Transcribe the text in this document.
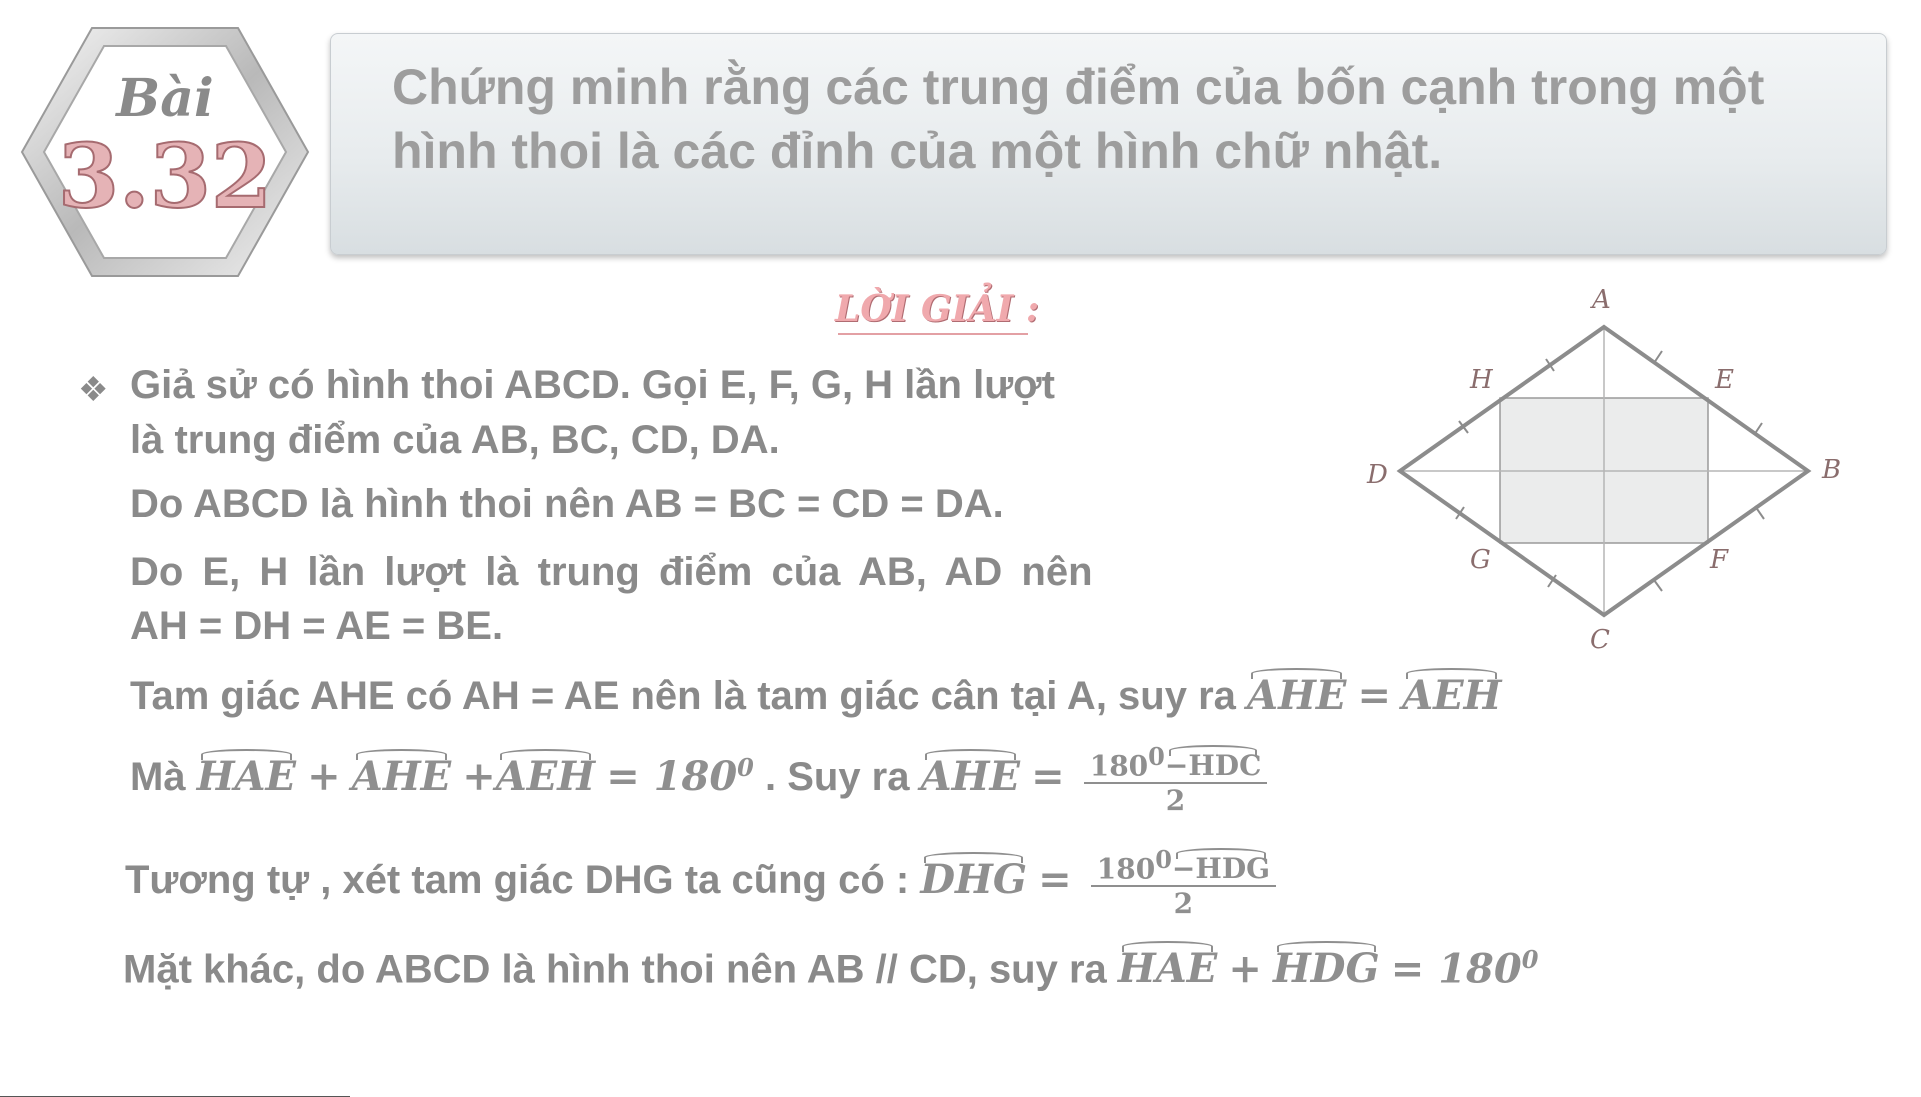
Bài
3.32
Chứng minh rằng các trung điểm của bốn cạnh trong một hình thoi là các đỉnh của một hình chữ nhật.
LỜI GIẢI :
❖ Giả sử có hình thoi ABCD. Gọi E, F, G, H lần lượt
là trung điểm của AB, BC, CD, DA.
Do ABCD là hình thoi nên AB = BC = CD = DA.
Do E, H lần lượt là trung điểm của AB, AD nên
AH = DH = AE = BE.
Tam giác AHE có AH = AE nên là tam giác cân tại A, suy ra AHE = AEH
Mà HAE + AHE $+AEH = 180^0$ . Suy ra AHE = $\frac{180^0-HDC}{2}$
Tương tự , xét tam giác DHG ta cũng có : DHG = $\frac{180^0-HDG}{2}$
Mặt khác, do ABCD là hình thoi nên AB // CD, suy ra HAE + HDG = $180^0$
A
B
C
D
E
F
G
H
